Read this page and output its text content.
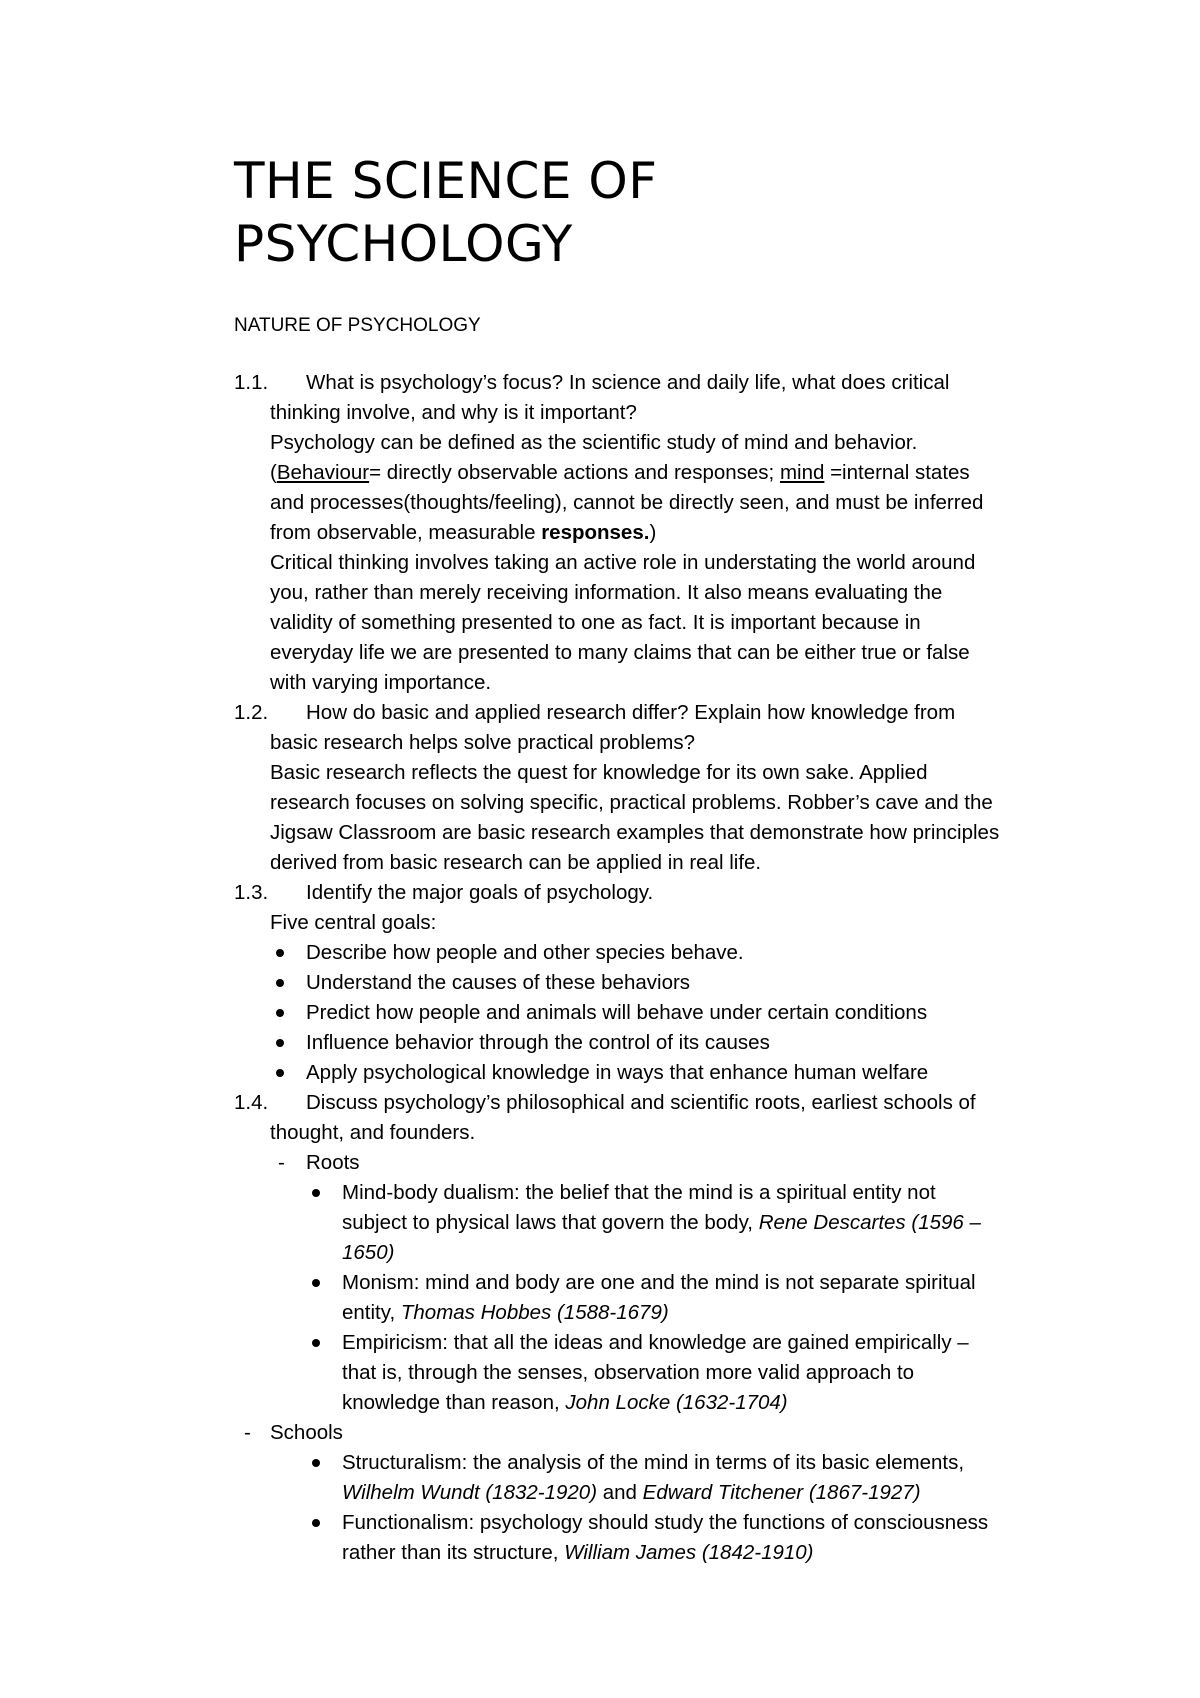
THE SCIENCE OF
PSYCHOLOGY
NATURE OF PSYCHOLOGY
1.1. What is psychology’s focus? In science and daily life, what does critical
thinking involve, and why is it important?
Psychology can be defined as the scientific study of mind and behavior.
(Behaviour= directly observable actions and responses; mind =internal states
and processes(thoughts/feeling), cannot be directly seen, and must be inferred
from observable, measurable responses.)
Critical thinking involves taking an active role in understating the world around
you, rather than merely receiving information. It also means evaluating the
validity of something presented to one as fact. It is important because in
everyday life we are presented to many claims that can be either true or false
with varying importance.
1.2. How do basic and applied research differ? Explain how knowledge from
basic research helps solve practical problems?
Basic research reflects the quest for knowledge for its own sake. Applied
research focuses on solving specific, practical problems. Robber’s cave and the
Jigsaw Classroom are basic research examples that demonstrate how principles
derived from basic research can be applied in real life.
1.3. Identify the major goals of psychology.
Five central goals:
Describe how people and other species behave.
Understand the causes of these behaviors
Predict how people and animals will behave under certain conditions
Influence behavior through the control of its causes
Apply psychological knowledge in ways that enhance human welfare
1.4. Discuss psychology’s philosophical and scientific roots, earliest schools of
thought, and founders.
- Roots
Mind-body dualism: the belief that the mind is a spiritual entity not
subject to physical laws that govern the body, Rene Descartes (1596 –
1650)
Monism: mind and body are one and the mind is not separate spiritual
entity, Thomas Hobbes (1588-1679)
Empiricism: that all the ideas and knowledge are gained empirically –
that is, through the senses, observation more valid approach to
knowledge than reason, John Locke (1632-1704)
- Schools
Structuralism: the analysis of the mind in terms of its basic elements,
Wilhelm Wundt (1832-1920) and Edward Titchener (1867-1927)
Functionalism: psychology should study the functions of consciousness
rather than its structure, William James (1842-1910)
